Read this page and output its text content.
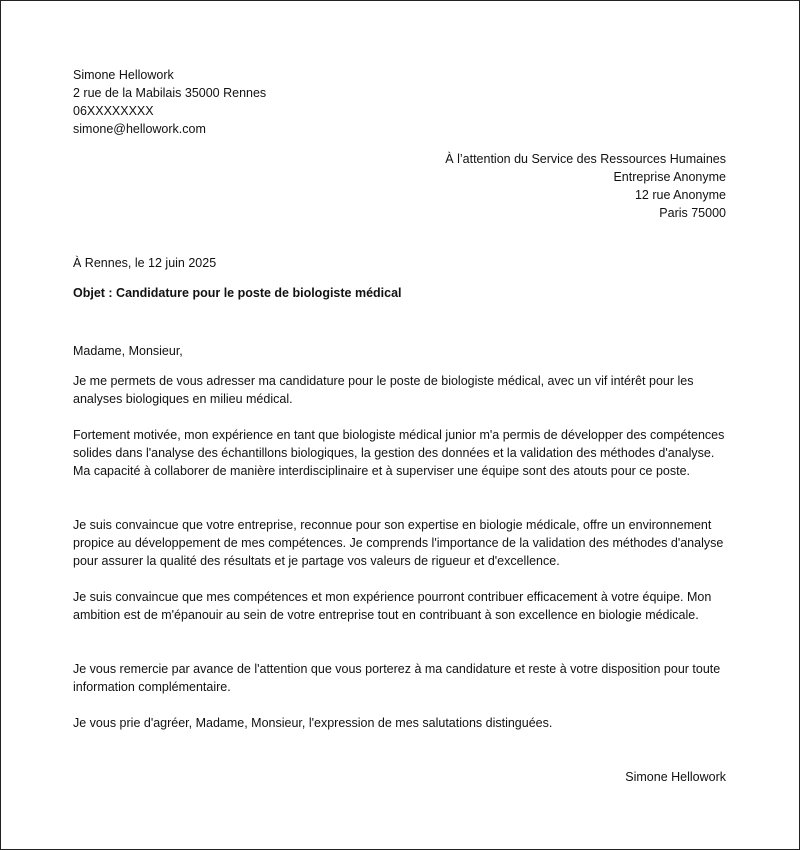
Simone Hellowork
2 rue de la Mabilais 35000 Rennes
06XXXXXXXX
simone@hellowork.com
À l’attention du Service des Ressources Humaines
Entreprise Anonyme
12 rue Anonyme
Paris 75000
À Rennes, le 12 juin 2025
Objet : Candidature pour le poste de biologiste médical
Madame, Monsieur,

Je me permets de vous adresser ma candidature pour le poste de biologiste médical, avec un vif intérêt pour les analyses biologiques en milieu médical.

Fortement motivée, mon expérience en tant que biologiste médical junior m'a permis de développer des compétences solides dans l'analyse des échantillons biologiques, la gestion des données et la validation des méthodes d'analyse. Ma capacité à collaborer de manière interdisciplinaire et à superviser une équipe sont des atouts pour ce poste.

Je suis convaincue que votre entreprise, reconnue pour son expertise en biologie médicale, offre un environnement propice au développement de mes compétences. Je comprends l'importance de la validation des méthodes d'analyse pour assurer la qualité des résultats et je partage vos valeurs de rigueur et d'excellence.

Je suis convaincue que mes compétences et mon expérience pourront contribuer efficacement à votre équipe. Mon ambition est de m'épanouir au sein de votre entreprise tout en contribuant à son excellence en biologie médicale.

Je vous remercie par avance de l'attention que vous porterez à ma candidature et reste à votre disposition pour toute information complémentaire.

Je vous prie d'agréer, Madame, Monsieur, l'expression de mes salutations distinguées.

Simone Hellowork
